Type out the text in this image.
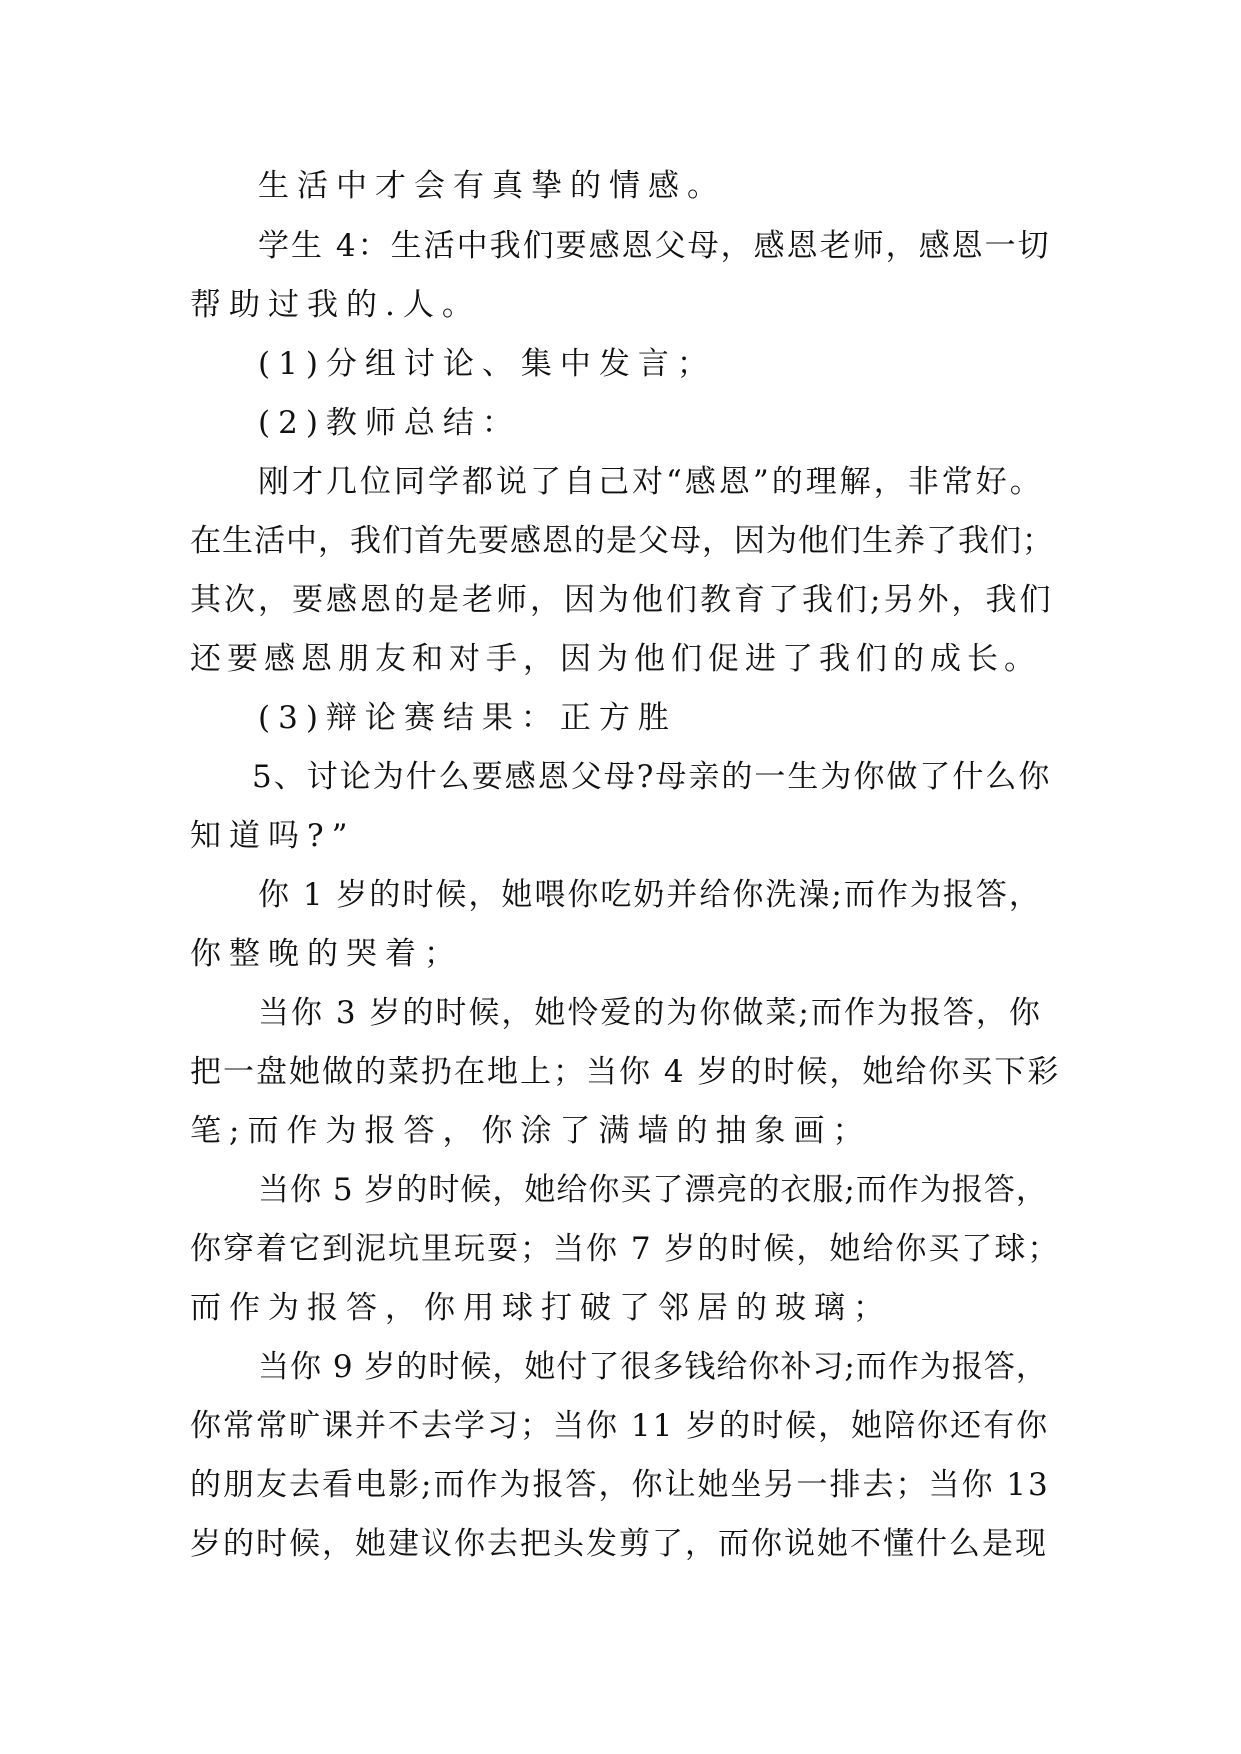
生活中才会有真挚的情感。
学生 4：生活中我们要感恩父母，感恩老师，感恩一切
帮助过我的.人。
(1)分组讨论、集中发言；
(2)教师总结：
刚才几位同学都说了自己对“感恩”的理解，非常好。
在生活中，我们首先要感恩的是父母，因为他们生养了我们；
其次，要感恩的是老师，因为他们教育了我们;另外，我们
还要感恩朋友和对手，因为他们促进了我们的成长。
(3)辩论赛结果：正方胜
5、讨论为什么要感恩父母?母亲的一生为你做了什么你
知道吗?”
你 1 岁的时候，她喂你吃奶并给你洗澡;而作为报答，
你整晚的哭着；
当你 3 岁的时候，她怜爱的为你做菜;而作为报答，你
把一盘她做的菜扔在地上；当你 4 岁的时候，她给你买下彩
笔;而作为报答，你涂了满墙的抽象画；
当你 5 岁的时候，她给你买了漂亮的衣服;而作为报答，
你穿着它到泥坑里玩耍；当你 7 岁的时候，她给你买了球；
而作为报答，你用球打破了邻居的玻璃；
当你 9 岁的时候，她付了很多钱给你补习;而作为报答，
你常常旷课并不去学习；当你 11 岁的时候，她陪你还有你
的朋友去看电影;而作为报答，你让她坐另一排去；当你 13
岁的时候，她建议你去把头发剪了，而你说她不懂什么是现
